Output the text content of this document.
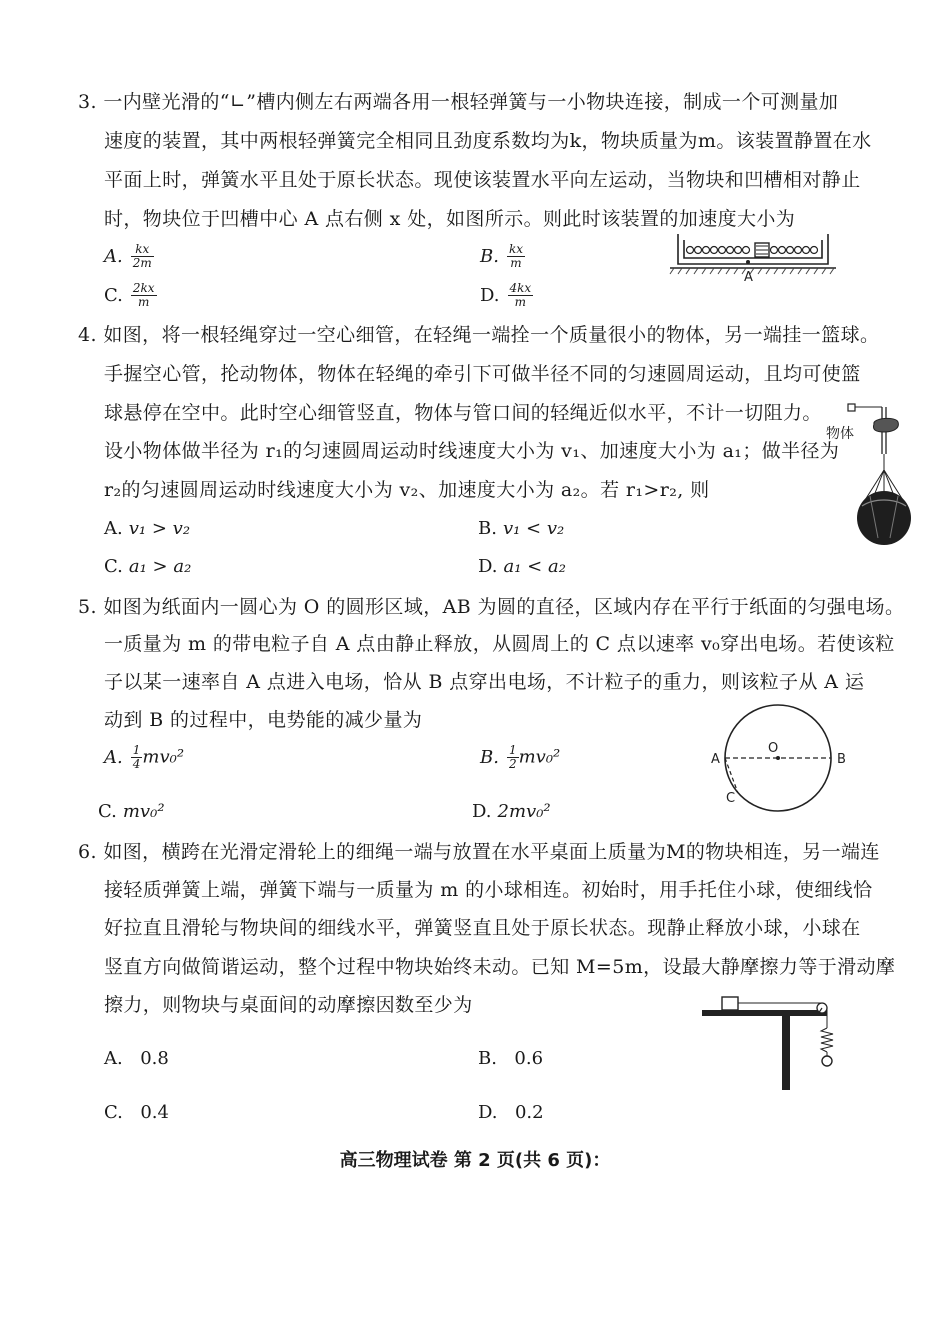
3. 一内壁光滑的“∟”槽内侧左右两端各用一根轻弹簧与一小物块连接，制成一个可测量加
速度的装置，其中两根轻弹簧完全相同且劲度系数均为k，物块质量为m。该装置静置在水
平面上时，弹簧水平且处于原长状态。现使该装置水平向左运动，当物块和凹槽相对静止
时，物块位于凹槽中心 A 点右侧 x 处，如图所示。则此时该装置的加速度大小为
A. $\frac{kx}{2m}$	B. $\frac{kx}{m}$
C. $\frac{2kx}{m}$	D. $\frac{4kx}{m}$
A
4. 如图，将一根轻绳穿过一空心细管，在轻绳一端拴一个质量很小的物体，另一端挂一篮球。
手握空心管，抡动物体，物体在轻绳的牵引下可做半径不同的匀速圆周运动，且均可使篮
球悬停在空中。此时空心细管竖直，物体与管口间的轻绳近似水平，不计一切阻力。
设小物体做半径为 r₁的匀速圆周运动时线速度大小为 v₁、加速度大小为 a₁；做半径为
r₂的匀速圆周运动时线速度大小为 v₂、加速度大小为 a₂。若 r₁>r₂, 则
A. v₁ > v₂	B. v₁ < v₂
C. a₁ > a₂	D. a₁ < a₂
物体
5. 如图为纸面内一圆心为 O 的圆形区域，AB 为圆的直径，区域内存在平行于纸面的匀强电场。
一质量为 m 的带电粒子自 A 点由静止释放，从圆周上的 C 点以速率 v₀穿出电场。若使该粒
子以某一速率自 A 点进入电场，恰从 B 点穿出电场，不计粒子的重力，则该粒子从 A 运
动到 B 的过程中，电势能的减少量为
A. $\frac{1}{4} mv_0^2$	B. $\frac{1}{2} mv_0^2$
C. mv₀²	D. 2mv₀²
A	B
O
C
6. 如图，横跨在光滑定滑轮上的细绳一端与放置在水平桌面上质量为M的物块相连，另一端连
接轻质弹簧上端，弹簧下端与一质量为 m 的小球相连。初始时，用手托住小球，使细线恰
好拉直且滑轮与物块间的细线水平，弹簧竖直且处于原长状态。现静止释放小球，小球在
竖直方向做简谐运动，整个过程中物块始终未动。已知 M=5m，设最大静摩擦力等于滑动摩
擦力，则物块与桌面间的动摩擦因数至少为
A. 0.8	B. 0.6
C. 0.4	D. 0.2
高三物理试卷 第 2 页(共 6 页)：
